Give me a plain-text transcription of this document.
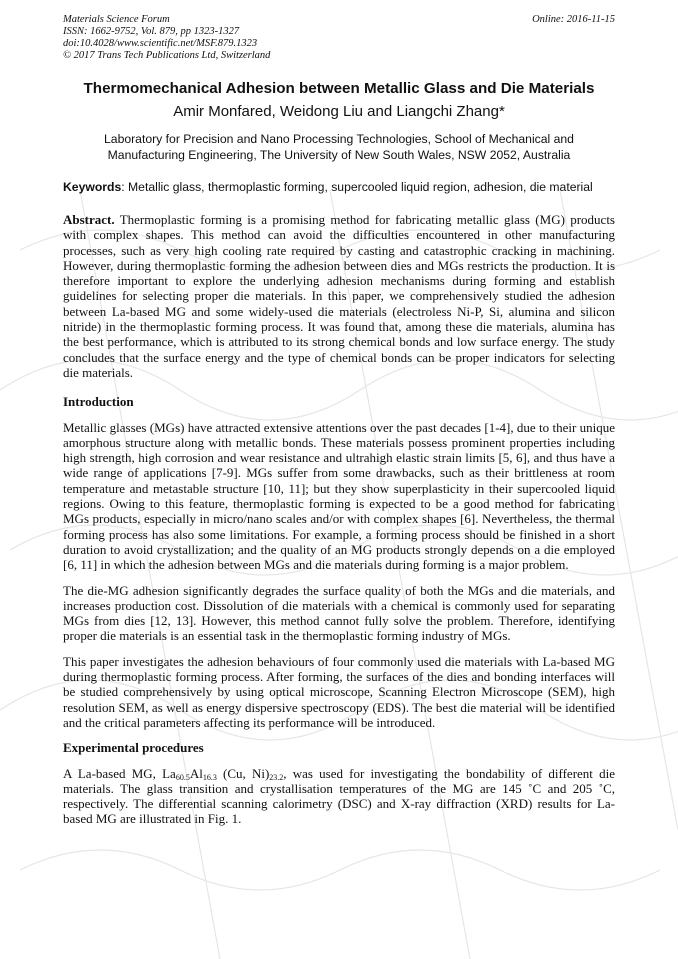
Materials Science Forum
ISSN: 1662-9752, Vol. 879, pp 1323-1327
doi:10.4028/www.scientific.net/MSF.879.1323
© 2017 Trans Tech Publications Ltd, Switzerland
Online: 2016-11-15
Thermomechanical Adhesion between Metallic Glass and Die Materials
Amir Monfared, Weidong Liu and Liangchi Zhang*
Laboratory for Precision and Nano Processing Technologies, School of Mechanical and
Manufacturing Engineering, The University of New South Wales, NSW 2052, Australia
Keywords: Metallic glass, thermoplastic forming, supercooled liquid region, adhesion, die material

Abstract. Thermoplastic forming is a promising method for fabricating metallic glass (MG) products with complex shapes. This method can avoid the difficulties encountered in other manufacturing processes, such as very high cooling rate required by casting and catastrophic cracking in machining. However, during thermoplastic forming the adhesion between dies and MGs restricts the production. It is therefore important to explore the underlying adhesion mechanisms during forming and establish guidelines for selecting proper die materials. In this paper, we comprehensively studied the adhesion between La-based MG and some widely-used die materials (electroless Ni-P, Si, alumina and silicon nitride) in the thermoplastic forming process. It was found that, among these die materials, alumina has the best performance, which is attributed to its strong chemical bonds and low surface energy. The study concludes that the surface energy and the type of chemical bonds can be proper indicators for selecting die materials.

Introduction

Metallic glasses (MGs) have attracted extensive attentions over the past decades [1-4], due to their unique amorphous structure along with metallic bonds. These materials possess prominent properties including high strength, high corrosion and wear resistance and ultrahigh elastic strain limits [5, 6], and thus have a wide range of applications [7-9]. MGs suffer from some drawbacks, such as their brittleness at room temperature and metastable structure [10, 11]; but they show superplasticity in their supercooled liquid regions. Owing to this feature, thermoplastic forming is expected to be a good method for fabricating MGs products, especially in micro/nano scales and/or with complex shapes [6]. Nevertheless, the thermal forming process has also some limitations. For example, a forming process should be finished in a short duration to avoid crystallization; and the quality of an MG products strongly depends on a die employed [6, 11] in which the adhesion between MGs and die materials during forming is a major problem.

The die-MG adhesion significantly degrades the surface quality of both the MGs and die materials, and increases production cost. Dissolution of die materials with a chemical is commonly used for separating MGs from dies [12, 13]. However, this method cannot fully solve the problem. Therefore, identifying proper die materials is an essential task in the thermoplastic forming industry of MGs.

This paper investigates the adhesion behaviours of four commonly used die materials with La-based MG during thermoplastic forming process. After forming, the surfaces of the dies and bonding interfaces will be studied comprehensively by using optical microscope, Scanning Electron Microscope (SEM), high resolution SEM, as well as energy dispersive spectroscopy (EDS). The best die material will be identified and the critical parameters affecting its performance will be introduced.

Experimental procedures

A La-based MG, $La_{60.5}Al_{16.3}$ (Cu, $Ni)_{23.2}$, was used for investigating the bondability of different die materials. The glass transition and crystallisation temperatures of the MG are 145 ˚C and 205 ˚C, respectively. The differential scanning calorimetry (DSC) and X-ray diffraction (XRD) results for La-based MG are illustrated in Fig. 1.
